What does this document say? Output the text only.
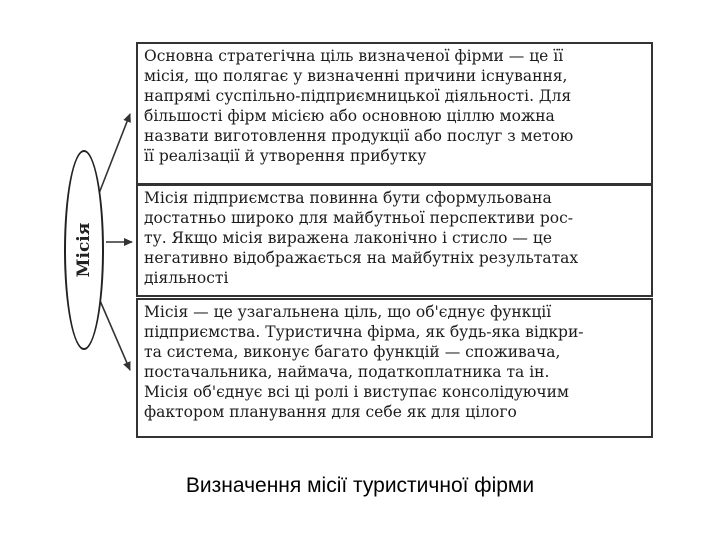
Місія
Основна стратегічна ціль визначеної фірми — це її
місія, що полягає у визначенні причини існування,
напрямі суспільно-підприємницької діяльності. Для
більшості фірм місією або основною ціллю можна
назвати виготовлення продукції або послуг з метою
її реалізації й утворення прибутку
Місія підприємства повинна бути сформульована
достатньо широко для майбутньої перспективи рос-
ту. Якщо місія виражена лаконічно і стисло — це
негативно відображається на майбутніх результатах
діяльності
Місія — це узагальнена ціль, що об'єднує функції
підприємства. Туристична фірма, як будь-яка відкри-
та система, виконує багато функцій — споживача,
постачальника, наймача, податкоплатника та ін.
Місія об'єднує всі ці ролі і виступає консолідуючим
фактором планування для себе як для цілого
Визначення місії туристичної фірми
